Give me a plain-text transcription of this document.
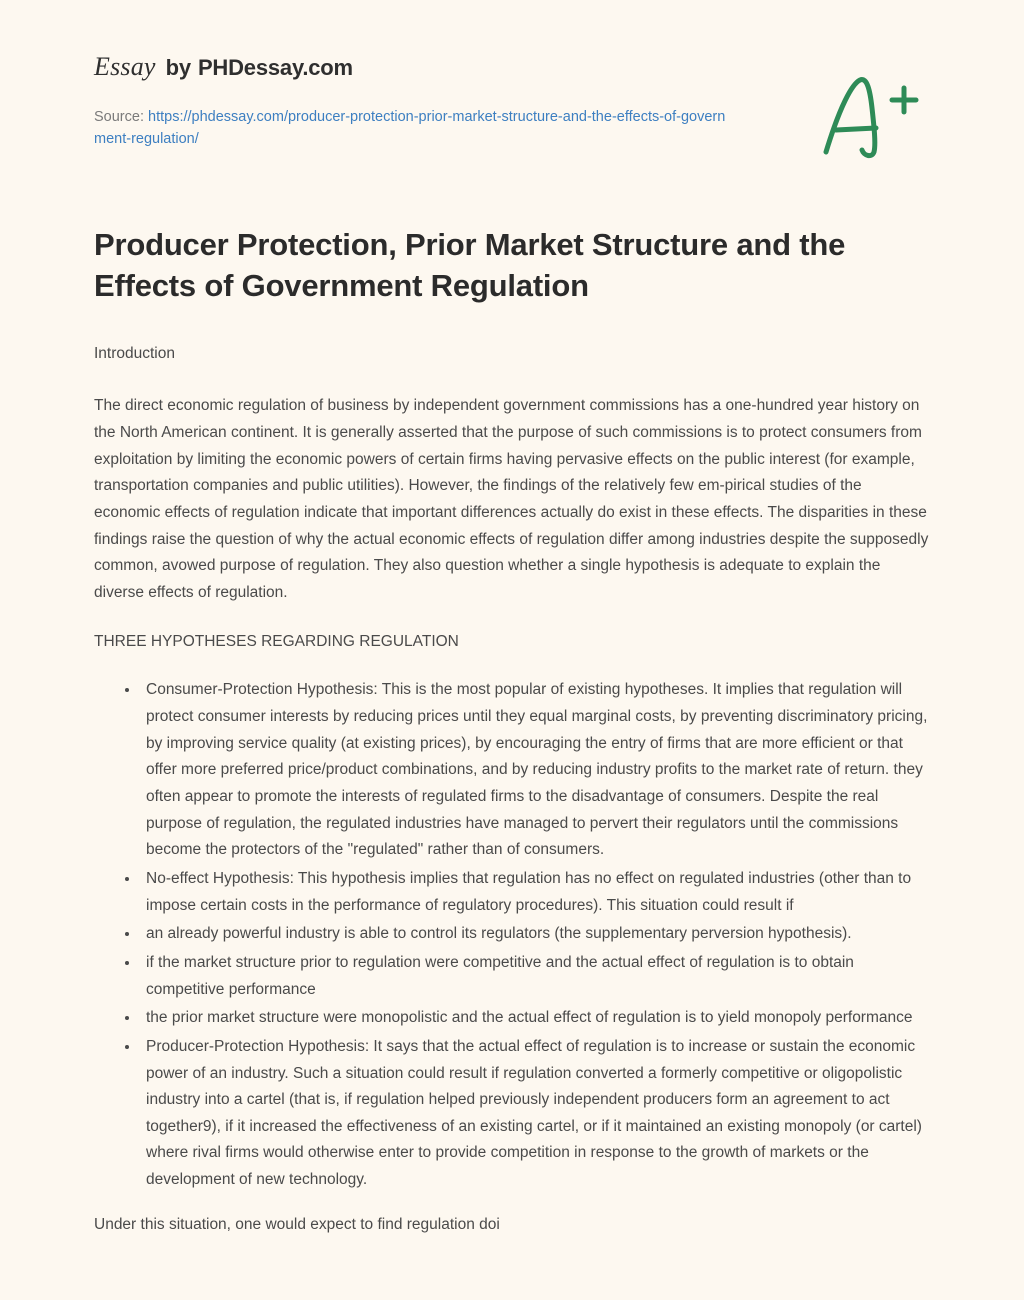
Essay by PHDessay.com
Source: https://phdessay.com/producer-protection-prior-market-structure-and-the-effects-of-government-regulation/
Producer Protection, Prior Market Structure and the Effects of Government Regulation

Introduction

The direct economic regulation of business by independent government commissions has a one-hundred year history on the North American continent. It is generally asserted that the purpose of such commissions is to protect consumers from exploitation by limiting the economic powers of certain firms having pervasive effects on the public interest (for example, transportation companies and public utilities). However, the findings of the relatively few em-pirical studies of the economic effects of regulation indicate that important differences actually do exist in these effects. The disparities in these findings raise the question of why the actual economic effects of regulation differ among industries despite the supposedly common, avowed purpose of regulation. They also question whether a single hypothesis is adequate to explain the diverse effects of regulation.

THREE HYPOTHESES REGARDING REGULATION

• Consumer-Protection Hypothesis: This is the most popular of existing hypotheses. It implies that regulation will protect consumer interests by reducing prices until they equal marginal costs, by preventing discriminatory pricing, by improving service quality (at existing prices), by encouraging the entry of firms that are more efficient or that offer more preferred price/product combinations, and by reducing industry profits to the market rate of return. they often appear to promote the interests of regulated firms to the disadvantage of consumers. Despite the real purpose of regulation, the regulated industries have managed to pervert their regulators until the commissions become the protectors of the "regulated" rather than of consumers.
• No-effect Hypothesis: This hypothesis implies that regulation has no effect on regulated industries (other than to impose certain costs in the performance of regulatory procedures). This situation could result if
• an already powerful industry is able to control its regulators (the supplementary perversion hypothesis).
• if the market structure prior to regulation were competitive and the actual effect of regulation is to obtain competitive performance
• the prior market structure were monopolistic and the actual effect of regulation is to yield monopoly performance
• Producer-Protection Hypothesis: It says that the actual effect of regulation is to increase or sustain the economic power of an industry. Such a situation could result if regulation converted a formerly competitive or oligopolistic industry into a cartel (that is, if regulation helped previously independent producers form an agreement to act together9), if it increased the effectiveness of an existing cartel, or if it maintained an existing monopoly (or cartel) where rival firms would otherwise enter to provide competition in response to the growth of markets or the development of new technology.

Under this situation, one would expect to find regulation doi
